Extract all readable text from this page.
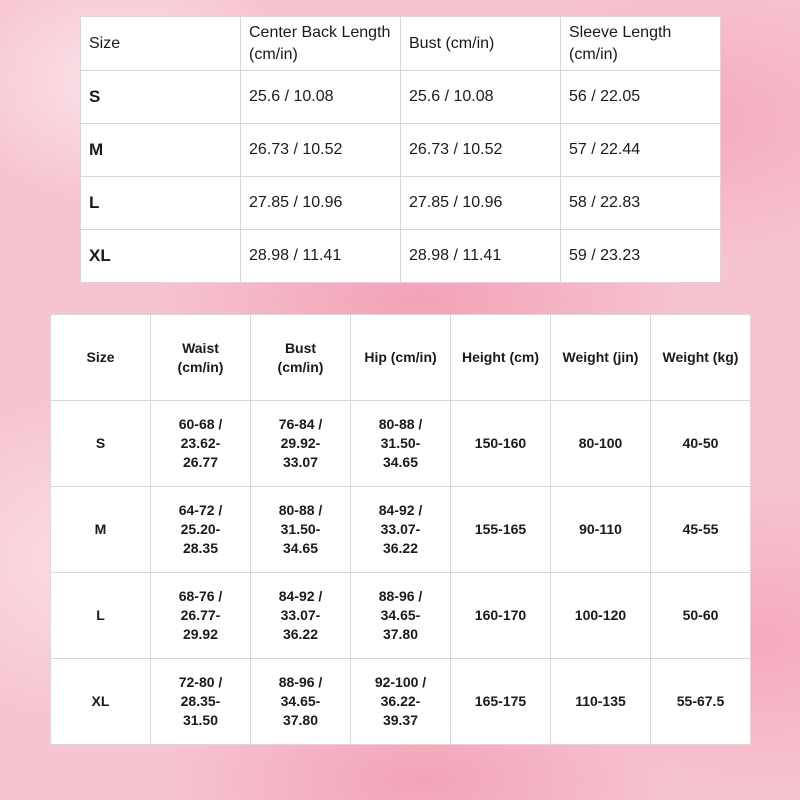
Size	Center Back Length (cm/in)	Bust (cm/in)	Sleeve Length (cm/in)
S	25.6 / 10.08	25.6 / 10.08	56 / 22.05
M	26.73 / 10.52	26.73 / 10.52	57 / 22.44
L	27.85 / 10.96	27.85 / 10.96	58 / 22.83
XL	28.98 / 11.41	28.98 / 11.41	59 / 23.23
Size	Waist (cm/in)	Bust (cm/in)	Hip (cm/in)	Height (cm)	Weight (jin)	Weight (kg)
S	60-68 / 23.62-26.77	76-84 / 29.92-33.07	80-88 / 31.50-34.65	150-160	80-100	40-50
M	64-72 / 25.20-28.35	80-88 / 31.50-34.65	84-92 / 33.07-36.22	155-165	90-110	45-55
L	68-76 / 26.77-29.92	84-92 / 33.07-36.22	88-96 / 34.65-37.80	160-170	100-120	50-60
XL	72-80 / 28.35-31.50	88-96 / 34.65-37.80	92-100 / 36.22-39.37	165-175	110-135	55-67.5
